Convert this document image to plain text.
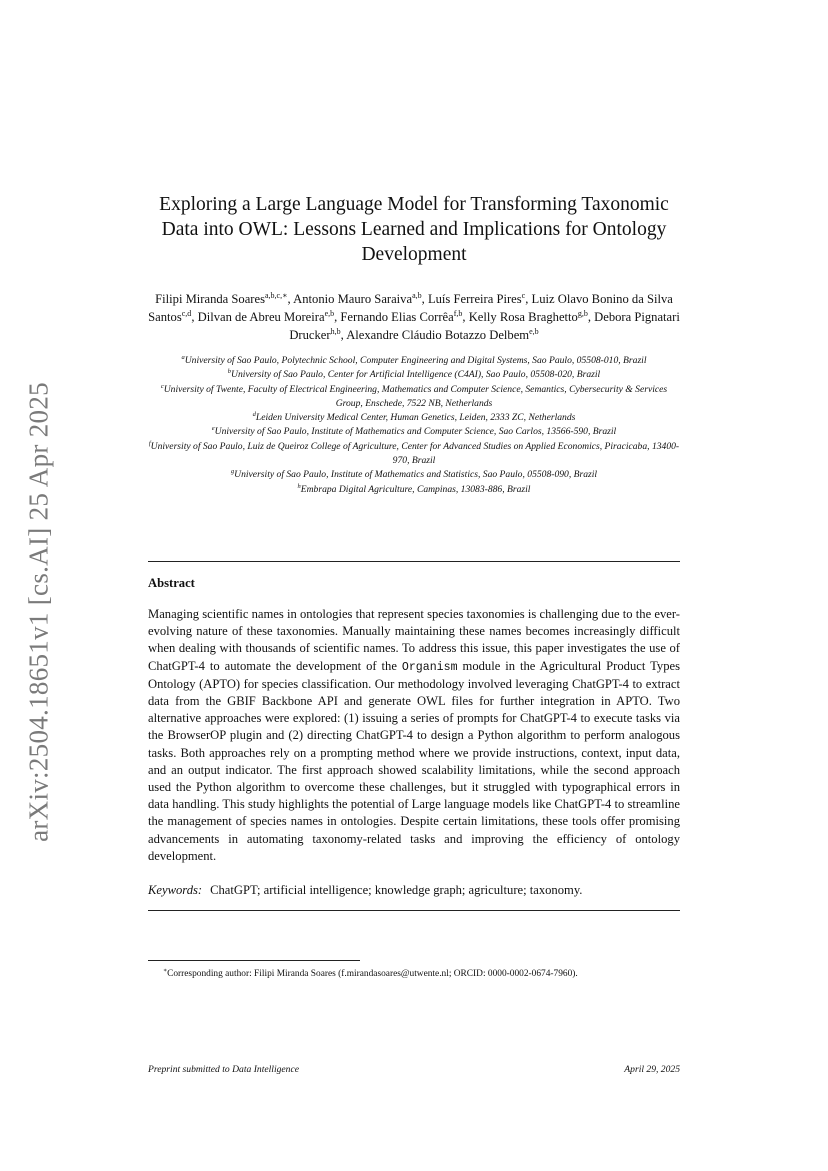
arXiv:2504.18651v1 [cs.AI] 25 Apr 2025
Exploring a Large Language Model for Transforming Taxonomic
Data into OWL: Lessons Learned and Implications for Ontology
Development
Filipi Miranda Soares$^{a,b,c,∗}$, Antonio Mauro Saraiva$^{a,b}$, Luís Ferreira Pires$^c$, Luiz Olavo Bonino da Silva Santos$^{c,d}$, Dilvan de Abreu Moreira$^{e,b}$, Fernando Elias Corrêa$^{f,b}$, Kelly Rosa Braghetto$^{g,b}$, Debora Pignatari Drucker$^{h,b}$, Alexandre Cláudio Botazzo Delbem$^{e,b}$
$^a$University of Sao Paulo, Polytechnic School, Computer Engineering and Digital Systems, Sao Paulo, 05508-010, Brazil
$^b$University of Sao Paulo, Center for Artificial Intelligence (C4AI), Sao Paulo, 05508-020, Brazil
$^c$University of Twente, Faculty of Electrical Engineering, Mathematics and Computer Science, Semantics, Cybersecurity & Services Group, Enschede, 7522 NB, Netherlands
$^d$Leiden University Medical Center, Human Genetics, Leiden, 2333 ZC, Netherlands
$^e$University of Sao Paulo, Institute of Mathematics and Computer Science, Sao Carlos, 13566-590, Brazil
$^f$University of Sao Paulo, Luiz de Queiroz College of Agriculture, Center for Advanced Studies on Applied Economics, Piracicaba, 13400-970, Brazil
$^g$University of Sao Paulo, Institute of Mathematics and Statistics, Sao Paulo, 05508-090, Brazil
$^h$Embrapa Digital Agriculture, Campinas, 13083-886, Brazil
Abstract
Managing scientific names in ontologies that represent species taxonomies is challenging due to the ever-evolving nature of these taxonomies. Manually maintaining these names becomes increasingly difficult when dealing with thousands of scientific names. To address this issue, this paper investigates the use of ChatGPT-4 to automate the development of the Organism module in the Agricultural Product Types Ontology (APTO) for species classification. Our methodology involved leveraging ChatGPT-4 to extract data from the GBIF Backbone API and generate OWL files for further integration in APTO. Two alternative approaches were explored: (1) issuing a series of prompts for ChatGPT-4 to execute tasks via the BrowserOP plugin and (2) directing ChatGPT-4 to design a Python algorithm to perform analogous tasks. Both approaches rely on a prompting method where we provide instructions, context, input data, and an output indicator. The first approach showed scalability limitations, while the second approach used the Python algorithm to overcome these challenges, but it struggled with typographical errors in data handling. This study highlights the potential of Large language models like ChatGPT-4 to streamline the management of species names in ontologies. Despite certain limitations, these tools offer promising advancements in automating taxonomy-related tasks and improving the efficiency of ontology development.
Keywords: ChatGPT; artificial intelligence; knowledge graph; agriculture; taxonomy.
∗Corresponding author: Filipi Miranda Soares (f.mirandasoares@utwente.nl; ORCID: 0000-0002-0674-7960).
Preprint submitted to Data Intelligence	April 29, 2025
